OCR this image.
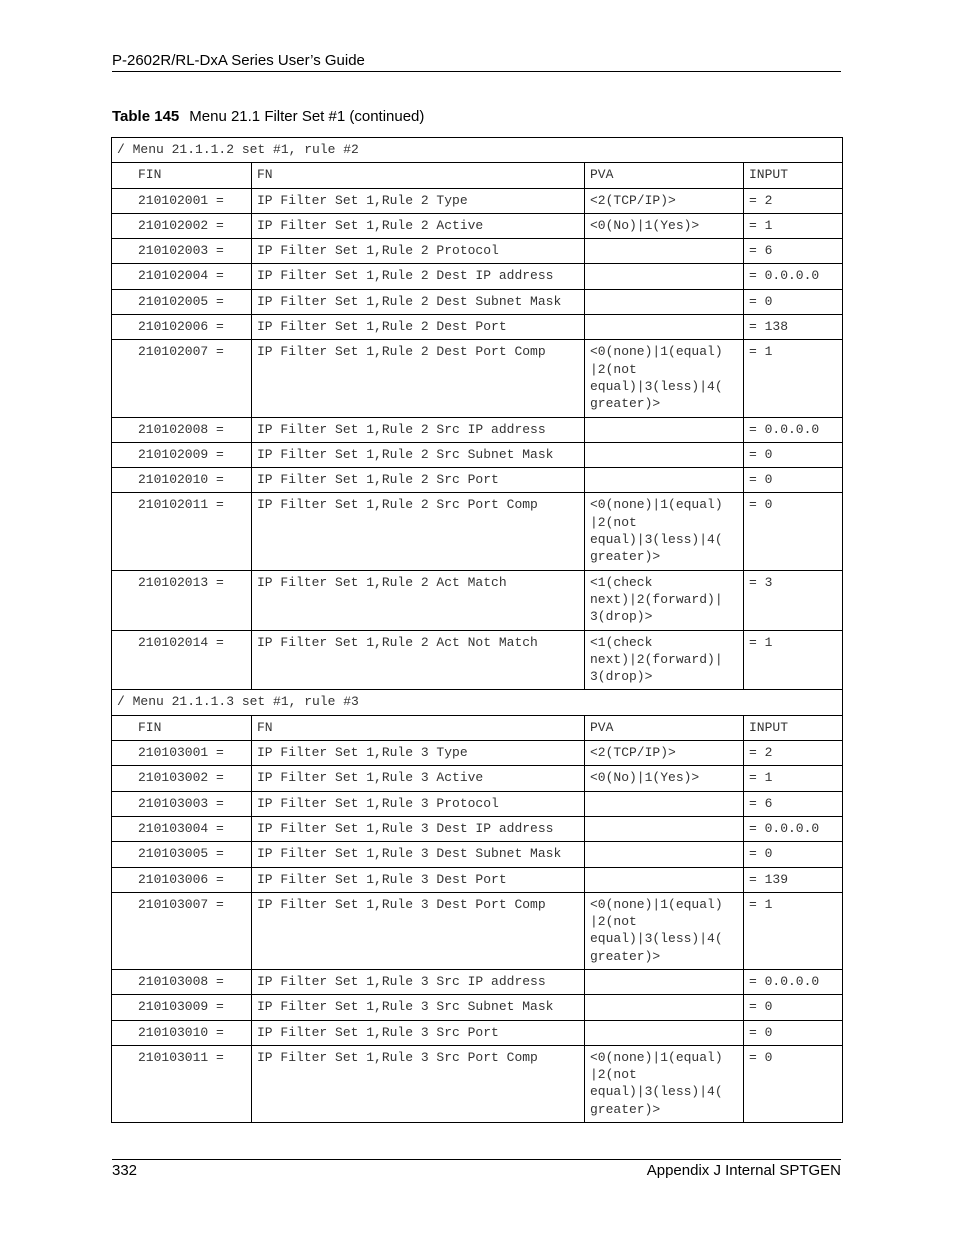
P-2602R/RL-DxA Series User’s Guide
Table 145 Menu 21.1 Filter Set #1 (continued)
/ Menu 21.1.1.2 set #1, rule #2			
FIN	FN	PVA	INPUT
210102001 =	IP Filter Set 1,Rule 2 Type	<2(TCP/IP)>	= 2
210102002 =	IP Filter Set 1,Rule 2 Active	<0(No)|1(Yes)>	= 1
210102003 =	IP Filter Set 1,Rule 2 Protocol		= 6
210102004 =	IP Filter Set 1,Rule 2 Dest IP address		= 0.0.0.0
210102005 =	IP Filter Set 1,Rule 2 Dest Subnet Mask		= 0
210102006 =	IP Filter Set 1,Rule 2 Dest Port		= 138
210102007 =	IP Filter Set 1,Rule 2 Dest Port Comp	<0(none)|1(equal)
|2(not
equal)|3(less)|4(
greater)>	= 1
210102008 =	IP Filter Set 1,Rule 2 Src IP address		= 0.0.0.0
210102009 =	IP Filter Set 1,Rule 2 Src Subnet Mask		= 0
210102010 =	IP Filter Set 1,Rule 2 Src Port		= 0
210102011 =	IP Filter Set 1,Rule 2 Src Port Comp	<0(none)|1(equal)
|2(not
equal)|3(less)|4(
greater)>	= 0
210102013 =	IP Filter Set 1,Rule 2 Act Match	<1(check
next)|2(forward)|
3(drop)>	= 3
210102014 =	IP Filter Set 1,Rule 2 Act Not Match	<1(check
next)|2(forward)|
3(drop)>	= 1
/ Menu 21.1.1.3 set #1, rule #3			
FIN	FN	PVA	INPUT
210103001 =	IP Filter Set 1,Rule 3 Type	<2(TCP/IP)>	= 2
210103002 =	IP Filter Set 1,Rule 3 Active	<0(No)|1(Yes)>	= 1
210103003 =	IP Filter Set 1,Rule 3 Protocol		= 6
210103004 =	IP Filter Set 1,Rule 3 Dest IP address		= 0.0.0.0
210103005 =	IP Filter Set 1,Rule 3 Dest Subnet Mask		= 0
210103006 =	IP Filter Set 1,Rule 3 Dest Port		= 139
210103007 =	IP Filter Set 1,Rule 3 Dest Port Comp	<0(none)|1(equal)
|2(not
equal)|3(less)|4(
greater)>	= 1
210103008 =	IP Filter Set 1,Rule 3 Src IP address		= 0.0.0.0
210103009 =	IP Filter Set 1,Rule 3 Src Subnet Mask		= 0
210103010 =	IP Filter Set 1,Rule 3 Src Port		= 0
210103011 =	IP Filter Set 1,Rule 3 Src Port Comp	<0(none)|1(equal)
|2(not
equal)|3(less)|4(
greater)>	= 0
332	Appendix J Internal SPTGEN
